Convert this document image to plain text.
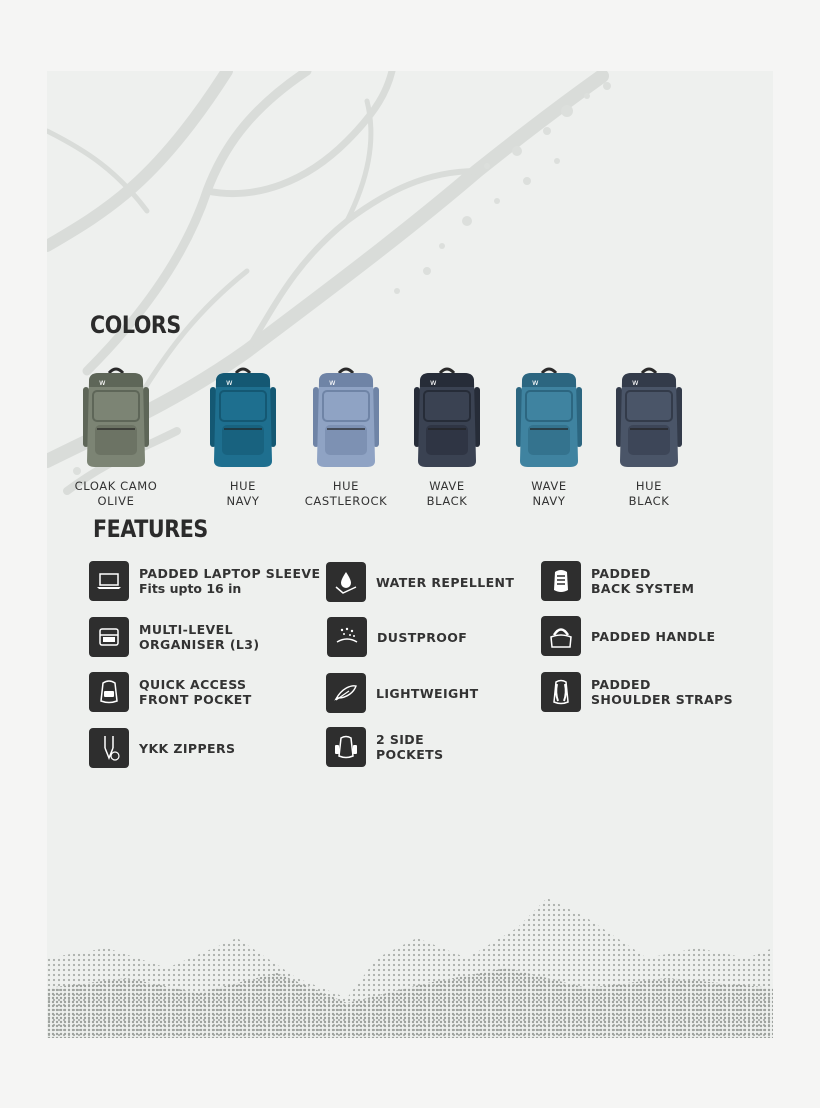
COLORS
w
CLOAK CAMO
OLIVE
w
HUE
NAVY
w
HUE
CASTLEROCK
w
WAVE
BLACK
w
WAVE
NAVY
w
HUE
BLACK
FEATURES
PADDED LAPTOP SLEEVE
Fits upto 16 in
MULTI-LEVEL
ORGANISER (L3)
QUICK ACCESS
FRONT POCKET
YKK ZIPPERS
WATER REPELLENT
DUSTPROOF
LIGHTWEIGHT
2 SIDE
POCKETS
PADDED
BACK SYSTEM
PADDED HANDLE
PADDED
SHOULDER STRAPS
